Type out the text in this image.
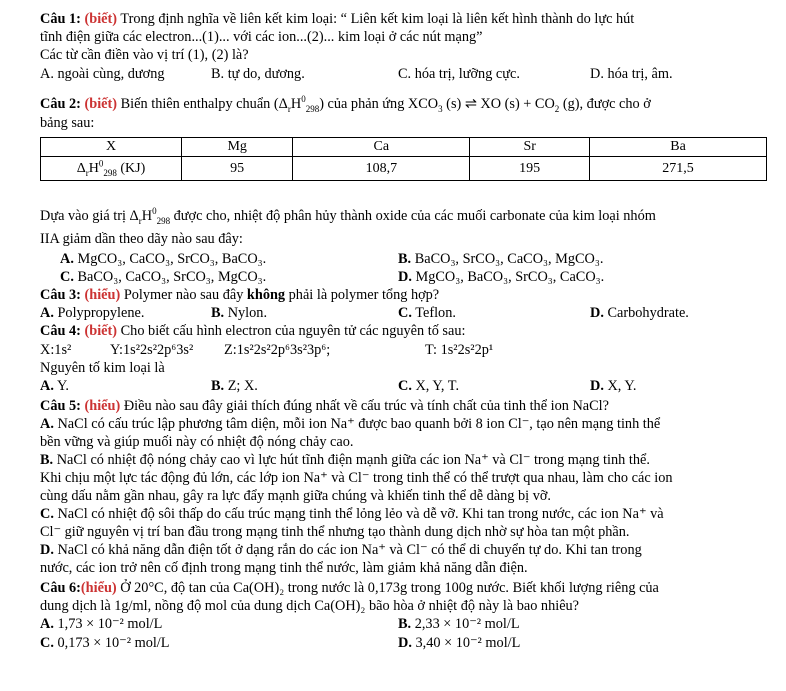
Câu 1: (biết) Trong định nghĩa về liên kết kim loại: “ Liên kết kim loại là liên kết hình thành do lực hút
tĩnh điện giữa các electron...(1)... với các ion...(2)... kim loại ở các nút mạng”
Các từ cần điền vào vị trí (1), (2) là?
A. ngoài cùng, dương	B. tự do, dương.	C. hóa trị, lưỡng cực.	D. hóa trị, âm.
Câu 2: (biết) Biến thiên enthalpy chuẩn $(\Delta_rH^0_{298})$ của phản ứng $XCO_3$ (s) ⇌ XO $(s) + CO_2$ (g), được cho ở
bảng sau:
X	Mg	Ca	Sr	Ba
$\Delta_rH^0_{298}$ (KJ)	95	108,7	195	271,5
Dựa vào giá trị $\Delta_rH^0_{298}$ được cho, nhiệt độ phân hủy thành oxide của các muối carbonate của kim loại nhóm
IIA giảm dần theo dãy nào sau đây:
A. MgCO₃, CaCO₃, SrCO₃, BaCO₃.	B. BaCO₃, SrCO₃, CaCO₃, MgCO₃.
C. BaCO₃, CaCO₃, SrCO₃, MgCO₃.	D. MgCO₃, BaCO₃, SrCO₃, CaCO₃.
Câu 3: (hiểu) Polymer nào sau đây không phải là polymer tổng hợp?
A. Polypropylene.	B. Nylon.	C. Teflon.	D. Carbohydrate.
Câu 4: (biết) Cho biết cấu hình electron của nguyên tử các nguyên tố sau:
X:1s²	Y:1s²2s²2p⁶3s² Z:1s²2s²2p⁶3s²3p⁶;	T: 1s²2s²2p¹
Nguyên tố kim loại là
A. Y.	B. Z; X.	C. X, Y, T.	D. X, Y.
Câu 5: (hiểu) Điều nào sau đây giải thích đúng nhất về cấu trúc và tính chất của tinh thể ion NaCl?
A. NaCl có cấu trúc lập phương tâm diện, mỗi ion Na⁺ được bao quanh bởi 8 ion Cl⁻, tạo nên mạng tinh thể
bền vững và giúp muối này có nhiệt độ nóng chảy cao.
B. NaCl có nhiệt độ nóng chảy cao vì lực hút tĩnh điện mạnh giữa các ion Na⁺ và Cl⁻ trong mạng tinh thể.
Khi chịu một lực tác động đủ lớn, các lớp ion Na⁺ và Cl⁻ trong tinh thể có thể trượt qua nhau, làm cho các ion
cùng dấu nằm gần nhau, gây ra lực đẩy mạnh giữa chúng và khiến tinh thể dễ dàng bị vỡ.
C. NaCl có nhiệt độ sôi thấp do cấu trúc mạng tinh thể lỏng lẻo và dễ vỡ. Khi tan trong nước, các ion Na⁺ và
Cl⁻ giữ nguyên vị trí ban đầu trong mạng tinh thể nhưng tạo thành dung dịch nhờ sự hòa tan một phần.
D. NaCl có khả năng dẫn điện tốt ở dạng rắn do các ion Na⁺ và Cl⁻ có thể di chuyển tự do. Khi tan trong
nước, các ion trở nên cố định trong mạng tinh thể nước, làm giảm khả năng dẫn điện.
Câu 6:(hiểu) Ở 20°C, độ tan của Ca(OH)₂ trong nước là 0,173g trong 100g nước. Biết khối lượng riêng của
dung dịch là 1g/ml, nồng độ mol của dung dịch Ca(OH)₂ bão hòa ở nhiệt độ này là bao nhiêu?
A. 1,73 × 10⁻² mol/L	B. 2,33 × 10⁻² mol/L
C. 0,173 × 10⁻² mol/L	D. 3,40 × 10⁻² mol/L
